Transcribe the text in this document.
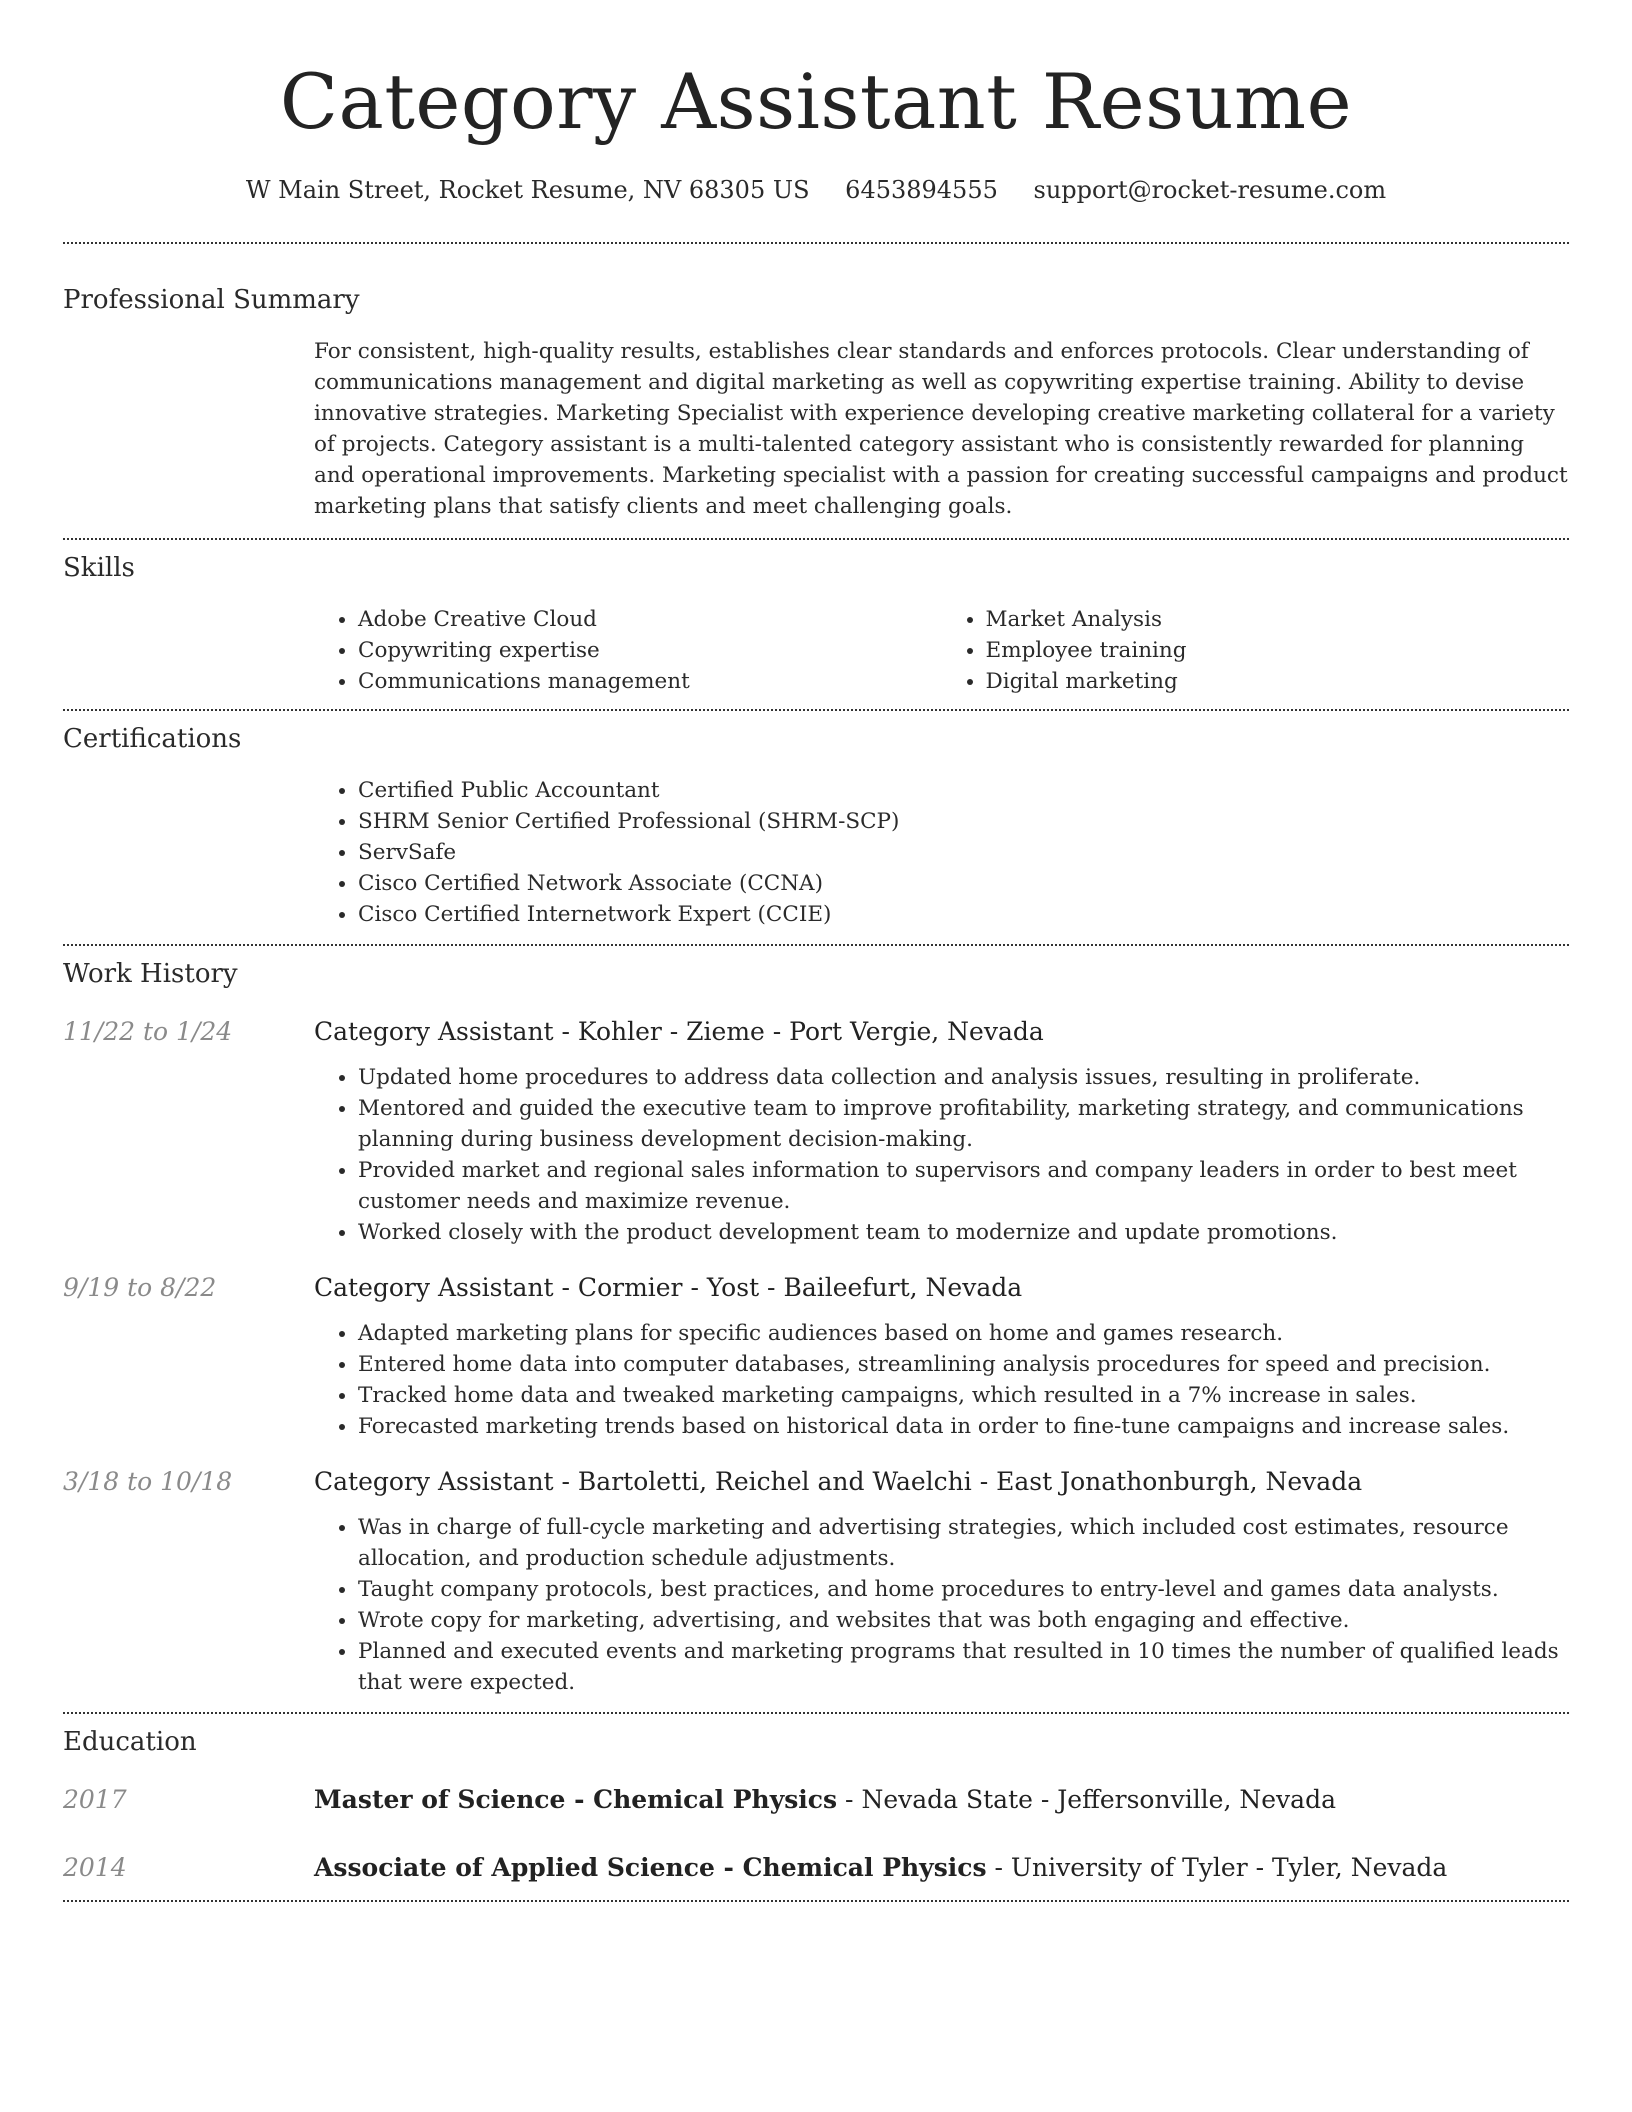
Category Assistant Resume
W Main Street, Rocket Resume, NV 68305 US 6453894555 support@rocket-resume.com
Professional Summary
For consistent, high-quality results, establishes clear standards and enforces protocols. Clear understanding of communications management and digital marketing as well as copywriting expertise training. Ability to devise innovative strategies. Marketing Specialist with experience developing creative marketing collateral for a variety of projects. Category assistant is a multi-talented category assistant who is consistently rewarded for planning and operational improvements. Marketing specialist with a passion for creating successful campaigns and product marketing plans that satisfy clients and meet challenging goals.
Skills
• Adobe Creative Cloud
• Copywriting expertise
• Communications management
• Market Analysis
• Employee training
• Digital marketing
Certifications
• Certified Public Accountant
• SHRM Senior Certified Professional (SHRM-SCP)
• ServSafe
• Cisco Certified Network Associate (CCNA)
• Cisco Certified Internetwork Expert (CCIE)
Work History
11/22 to 1/24	Category Assistant - Kohler - Zieme - Port Vergie, Nevada
• Updated home procedures to address data collection and analysis issues, resulting in proliferate.
• Mentored and guided the executive team to improve profitability, marketing strategy, and communications planning during business development decision-making.
• Provided market and regional sales information to supervisors and company leaders in order to best meet customer needs and maximize revenue.
• Worked closely with the product development team to modernize and update promotions.
9/19 to 8/22	Category Assistant - Cormier - Yost - Baileefurt, Nevada
• Adapted marketing plans for specific audiences based on home and games research.
• Entered home data into computer databases, streamlining analysis procedures for speed and precision.
• Tracked home data and tweaked marketing campaigns, which resulted in a 7% increase in sales.
• Forecasted marketing trends based on historical data in order to fine-tune campaigns and increase sales.
3/18 to 10/18	Category Assistant - Bartoletti, Reichel and Waelchi - East Jonathonburgh, Nevada
• Was in charge of full-cycle marketing and advertising strategies, which included cost estimates, resource allocation, and production schedule adjustments.
• Taught company protocols, best practices, and home procedures to entry-level and games data analysts.
• Wrote copy for marketing, advertising, and websites that was both engaging and effective.
• Planned and executed events and marketing programs that resulted in 10 times the number of qualified leads that were expected.
Education
2017	Master of Science - Chemical Physics - Nevada State - Jeffersonville, Nevada
2014	Associate of Applied Science - Chemical Physics - University of Tyler - Tyler, Nevada
